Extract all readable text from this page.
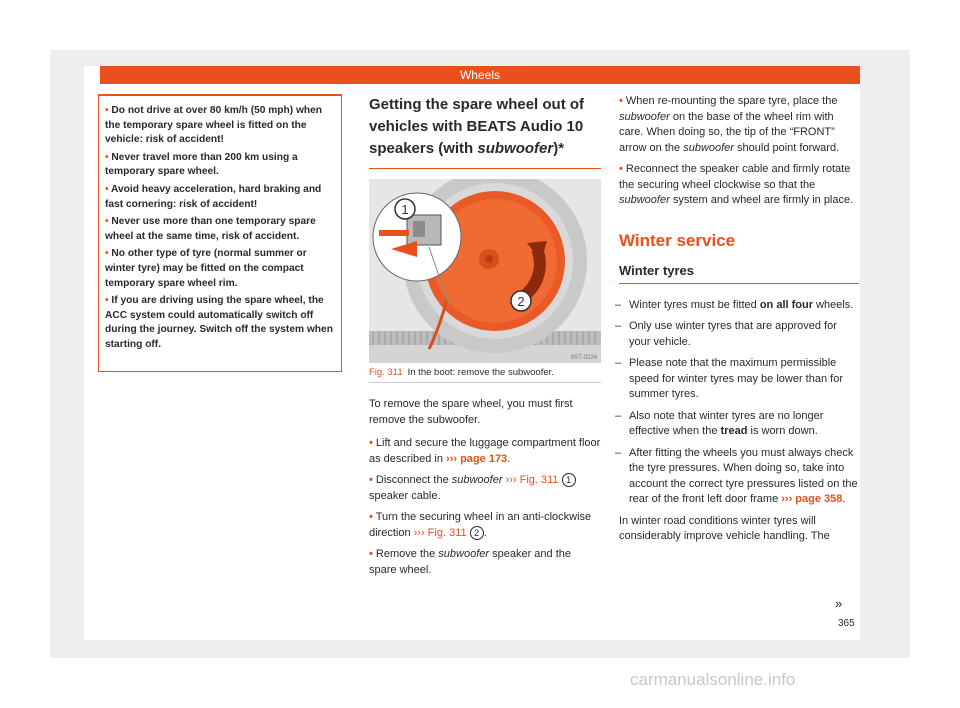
Wheels
• Do not drive at over 80 km/h (50 mph) when the temporary spare wheel is fitted on the vehicle: risk of accident!
• Never travel more than 200 km using a temporary spare wheel.
• Avoid heavy acceleration, hard braking and fast cornering: risk of accident!
• Never use more than one temporary spare wheel at the same time, risk of accident.
• No other type of tyre (normal summer or winter tyre) may be fitted on the compact temporary spare wheel rim.
• If you are driving using the spare wheel, the ACC system could automatically switch off during the journey. Switch off the system when starting off.
Getting the spare wheel out of vehicles with BEATS Audio 10 speakers (with subwoofer)*
2
1
B5T-0224
Fig. 311 In the boot: remove the subwoofer.

To remove the spare wheel, you must first remove the subwoofer.

• Lift and secure the luggage compartment floor as described in ››› page 173.
• Disconnect the subwoofer ››› Fig. 311 1
speaker cable.
• Turn the securing wheel in an anti-clockwise direction ››› Fig. 311 2 .
• Remove the subwoofer speaker and the spare wheel.
• When re-mounting the spare tyre, place the subwoofer on the base of the wheel rim with care. When doing so, the tip of the “FRONT” arrow on the subwoofer should point forward.
• Reconnect the speaker cable and firmly rotate the securing wheel clockwise so that the subwoofer system and wheel are firmly in place.
Winter service
Winter tyres
– Winter tyres must be fitted on all four wheels.
– Only use winter tyres that are approved for your vehicle.
– Please note that the maximum permissible speed for winter tyres may be lower than for summer tyres.
– Also note that winter tyres are no longer effective when the tread is worn down.
– After fitting the wheels you must always check the tyre pressures. When doing so, take into account the correct tyre pressures listed on the rear of the front left door frame ››› page 358.

In winter road conditions winter tyres will considerably improve vehicle handling. The

»
365
carmanualsonline.info
